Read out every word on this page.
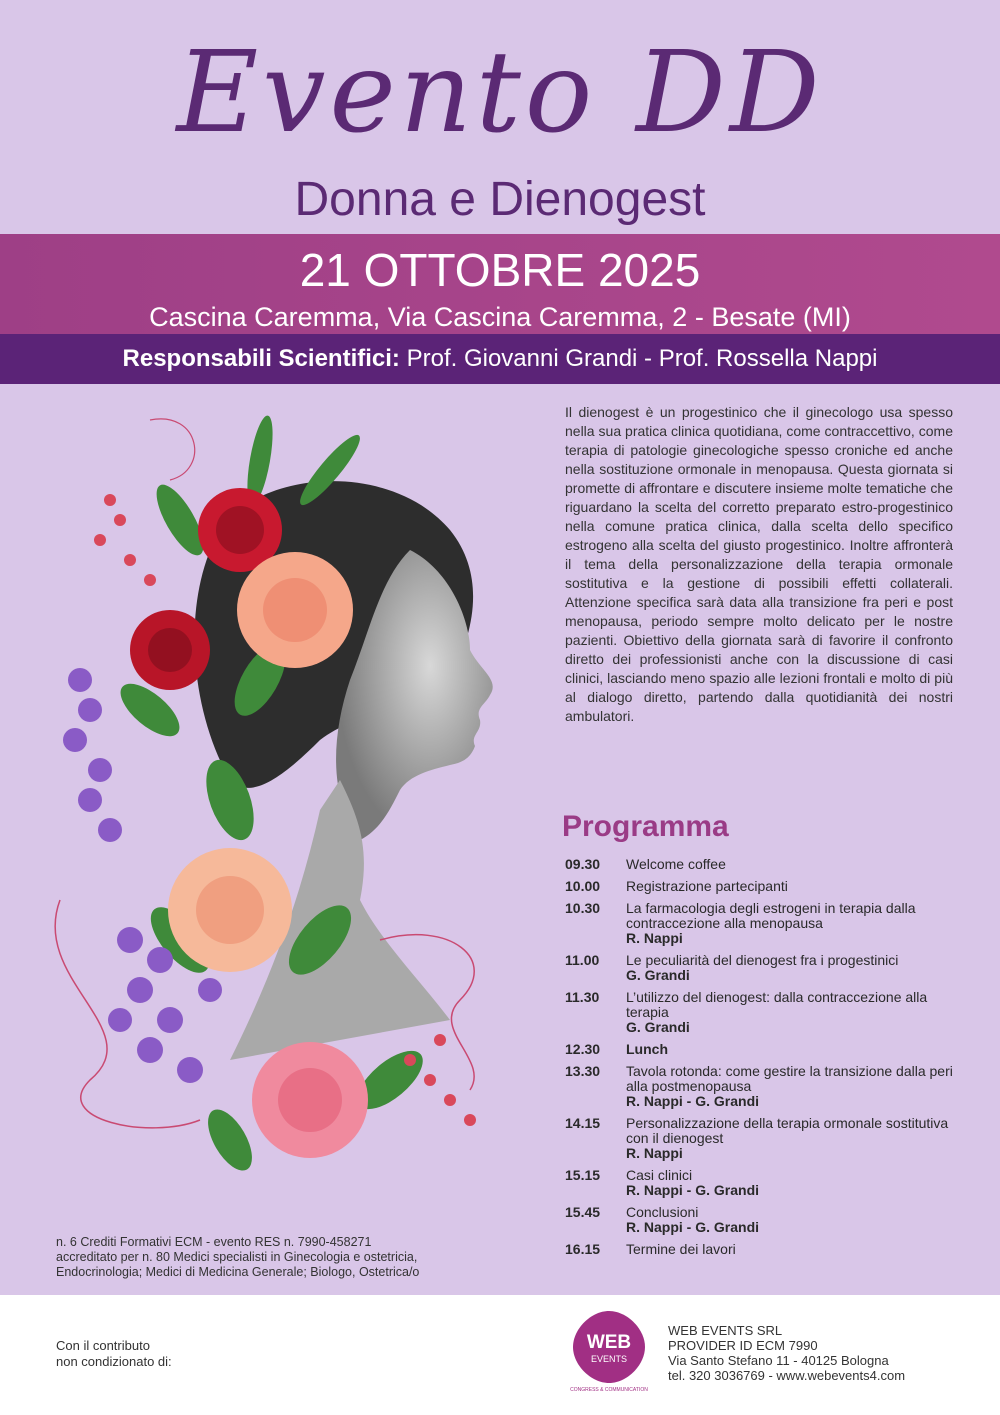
Evento DD
Donna e Dienogest
21 OTTOBRE 2025
Cascina Caremma, Via Cascina Caremma, 2 - Besate (MI)
Responsabili Scientifici: Prof. Giovanni Grandi - Prof. Rossella Nappi
Il dienogest è un progestinico che il ginecologo usa spesso nella sua pratica clinica quotidiana, come contraccettivo, come terapia di patologie ginecologiche spesso croniche ed anche nella sostituzione ormonale in menopausa. Questa giornata si promette di affrontare e discutere insieme molte tematiche che riguardano la scelta del corretto preparato estro-progestinico nella comune pratica clinica, dalla scelta dello specifico estrogeno alla scelta del giusto progestinico. Inoltre affronterà il tema della personalizzazione della terapia ormonale sostitutiva e la gestione di possibili effetti collaterali. Attenzione specifica sarà data alla transizione fra peri e post menopausa, periodo sempre molto delicato per le nostre pazienti. Obiettivo della giornata sarà di favorire il confronto diretto dei professionisti anche con la discussione di casi clinici, lasciando meno spazio alle lezioni frontali e molto di più al dialogo diretto, partendo dalla quotidianità dei nostri ambulatori.
Programma
09.30	Welcome coffee
10.00	Registrazione partecipanti
10.30	La farmacologia degli estrogeni in terapia dalla contraccezione alla menopausa
R. Nappi
11.00	Le peculiarità del dienogest fra i progestinici
G. Grandi
11.30	L’utilizzo del dienogest: dalla contraccezione alla terapia
G. Grandi
12.30	Lunch
13.30	Tavola rotonda: come gestire la transizione dalla peri alla postmenopausa
R. Nappi - G. Grandi
14.15	Personalizzazione della terapia ormonale sostitutiva con il dienogest
R. Nappi
15.15	Casi clinici
R. Nappi - G. Grandi
15.45	Conclusioni
R. Nappi - G. Grandi
16.15	Termine dei lavori
n. 6 Crediti Formativi ECM - evento RES n. 7990-458271
accreditato per n. 80 Medici specialisti in Ginecologia e ostetricia,
Endocrinologia; Medici di Medicina Generale; Biologo, Ostetrica/o
Con il contributo
non condizionato di:
WEB
EVENTS
CONGRESS & COMMUNICATION
WEB EVENTS SRL
PROVIDER ID ECM 7990
Via Santo Stefano 11 - 40125 Bologna
tel. 320 3036769 - www.webevents4.com
